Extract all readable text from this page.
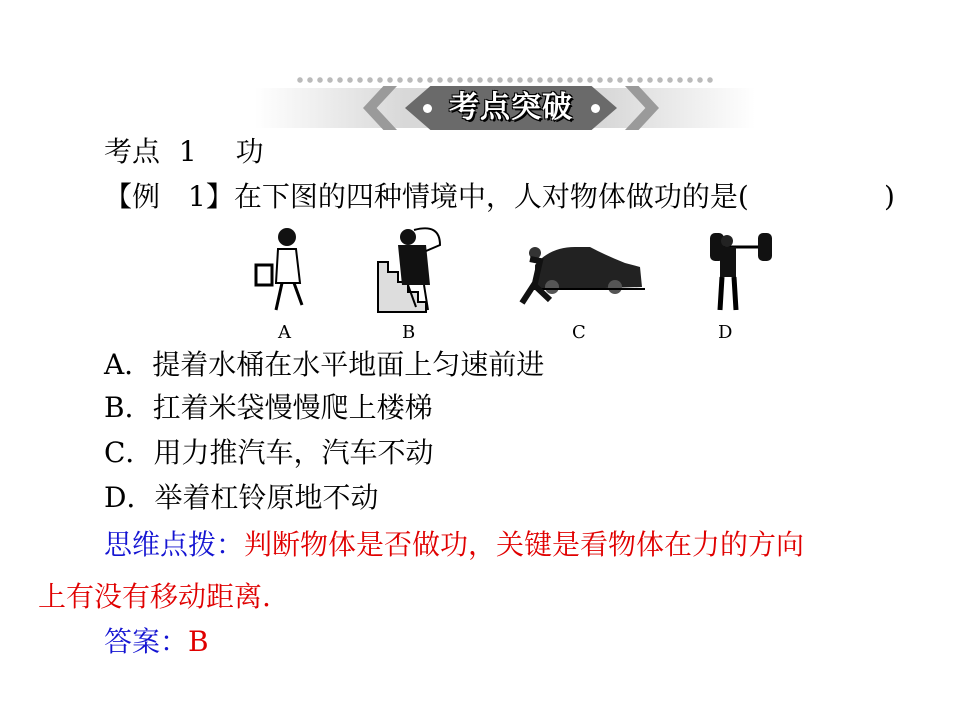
考点突破
考点 1 功
【例　1】在下图的四种情境中，人对物体做功的是(	)
A	B	C	D
A．提着水桶在水平地面上匀速前进
B．扛着米袋慢慢爬上楼梯
C．用力推汽车，汽车不动
D．举着杠铃原地不动
思维点拨：判断物体是否做功，关键是看物体在力的方向
上有没有移动距离.
答案：B
